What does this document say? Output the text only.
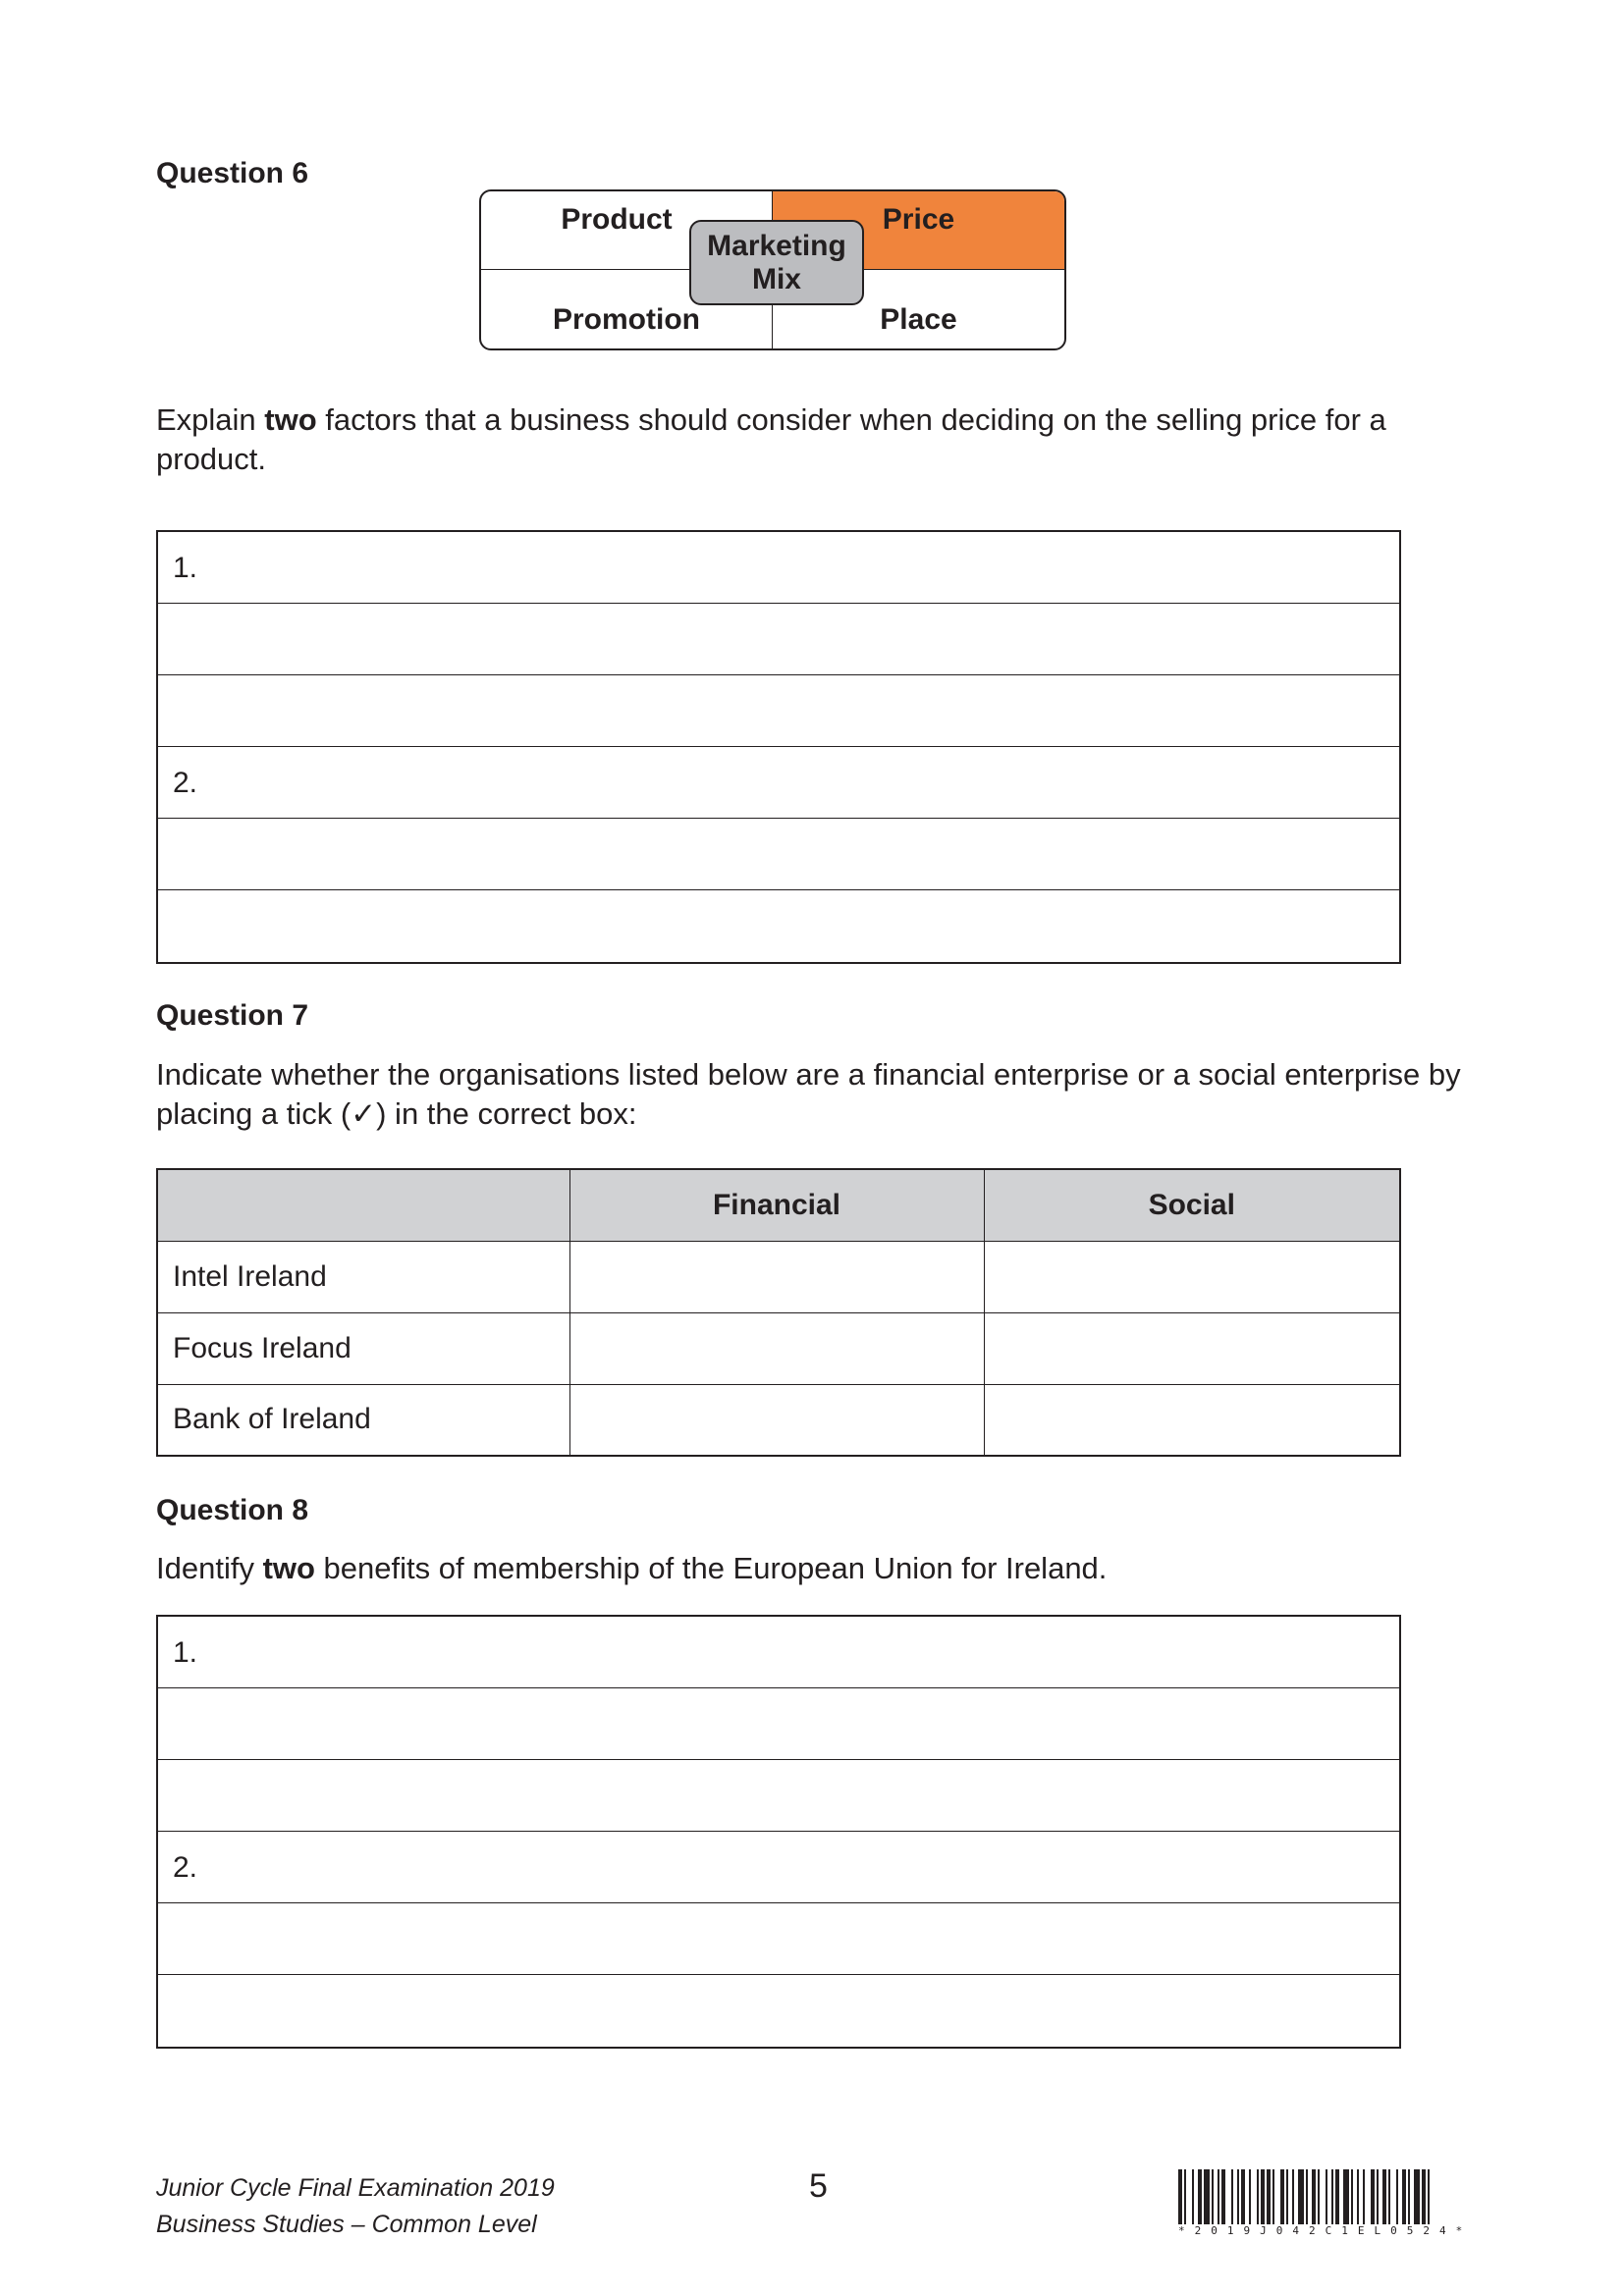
Question 6
Product	Price
Promotion	Place
Marketing
Mix
Explain two factors that a business should consider when deciding on the selling price for a product.
1.
2.
Question 7
Indicate whether the organisations listed below are a financial enterprise or a social enterprise by placing a tick (✓) in the correct box:
	Financial	Social
Intel Ireland		
Focus Ireland		
Bank of Ireland		
Question 8
Identify two benefits of membership of the European Union for Ireland.
1.
2.
Junior Cycle Final Examination 2019
Business Studies – Common Level
5
*2019J042C1EL0524*
